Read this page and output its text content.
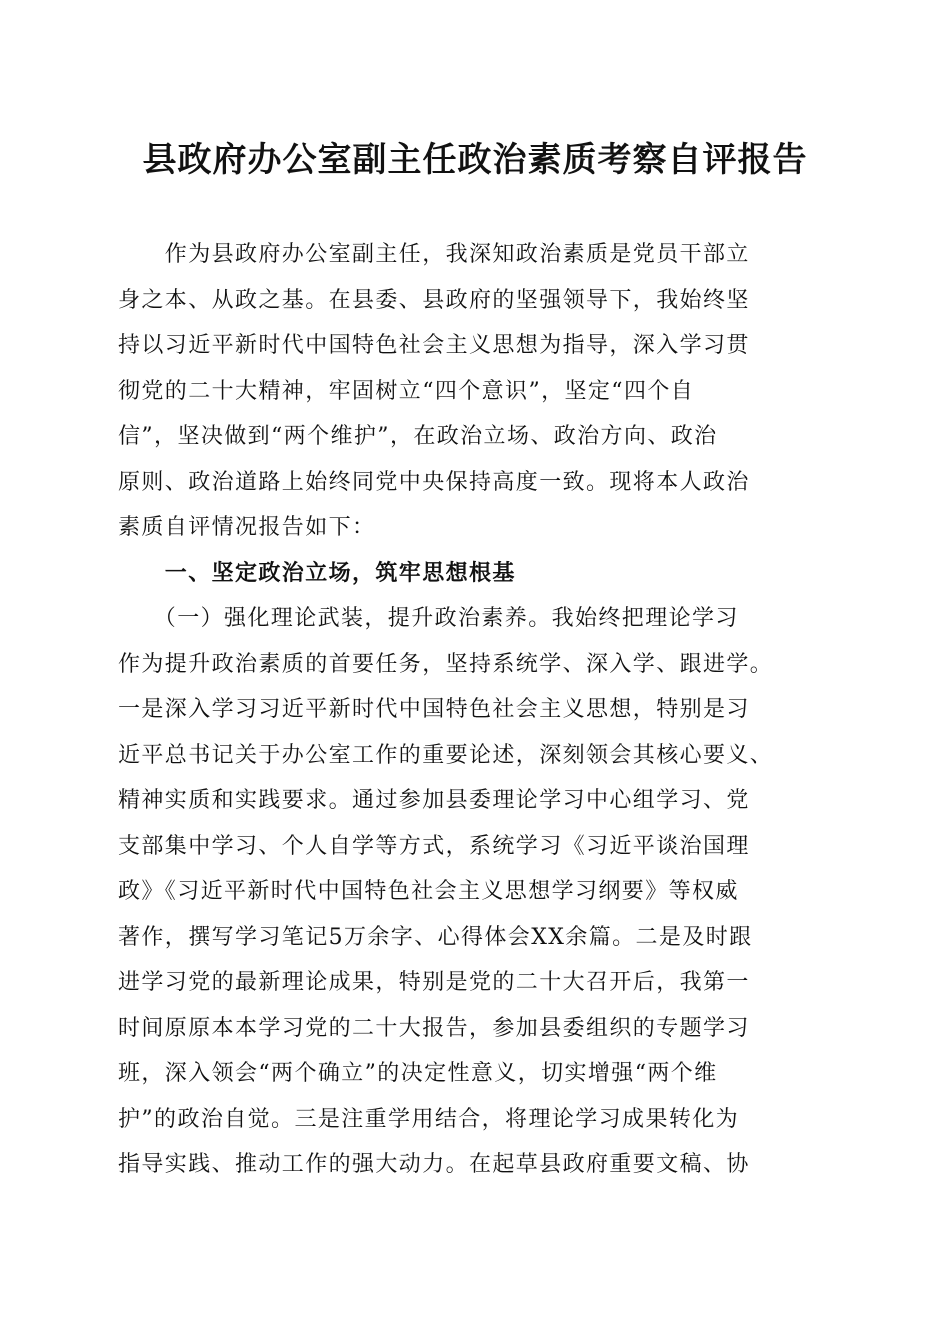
县政府办公室副主任政治素质考察自评报告
　　作为县政府办公室副主任，我深知政治素质是党员干部立
身之本、从政之基。在县委、县政府的坚强领导下，我始终坚
持以习近平新时代中国特色社会主义思想为指导，深入学习贯
彻党的二十大精神，牢固树立“四个意识”，坚定“四个自
信”，坚决做到“两个维护”，在政治立场、政治方向、政治
原则、政治道路上始终同党中央保持高度一致。现将本人政治
素质自评情况报告如下：
　　一、坚定政治立场，筑牢思想根基
　　（一）强化理论武装，提升政治素养。我始终把理论学习
作为提升政治素质的首要任务，坚持系统学、深入学、跟进学。
一是深入学习习近平新时代中国特色社会主义思想，特别是习
近平总书记关于办公室工作的重要论述，深刻领会其核心要义、
精神实质和实践要求。通过参加县委理论学习中心组学习、党
支部集中学习、个人自学等方式，系统学习《习近平谈治国理
政》《习近平新时代中国特色社会主义思想学习纲要》等权威
著作，撰写学习笔记5万余字、心得体会XX余篇。二是及时跟
进学习党的最新理论成果，特别是党的二十大召开后，我第一
时间原原本本学习党的二十大报告，参加县委组织的专题学习
班，深入领会“两个确立”的决定性意义，切实增强“两个维
护”的政治自觉。三是注重学用结合，将理论学习成果转化为
指导实践、推动工作的强大动力。在起草县政府重要文稿、协
